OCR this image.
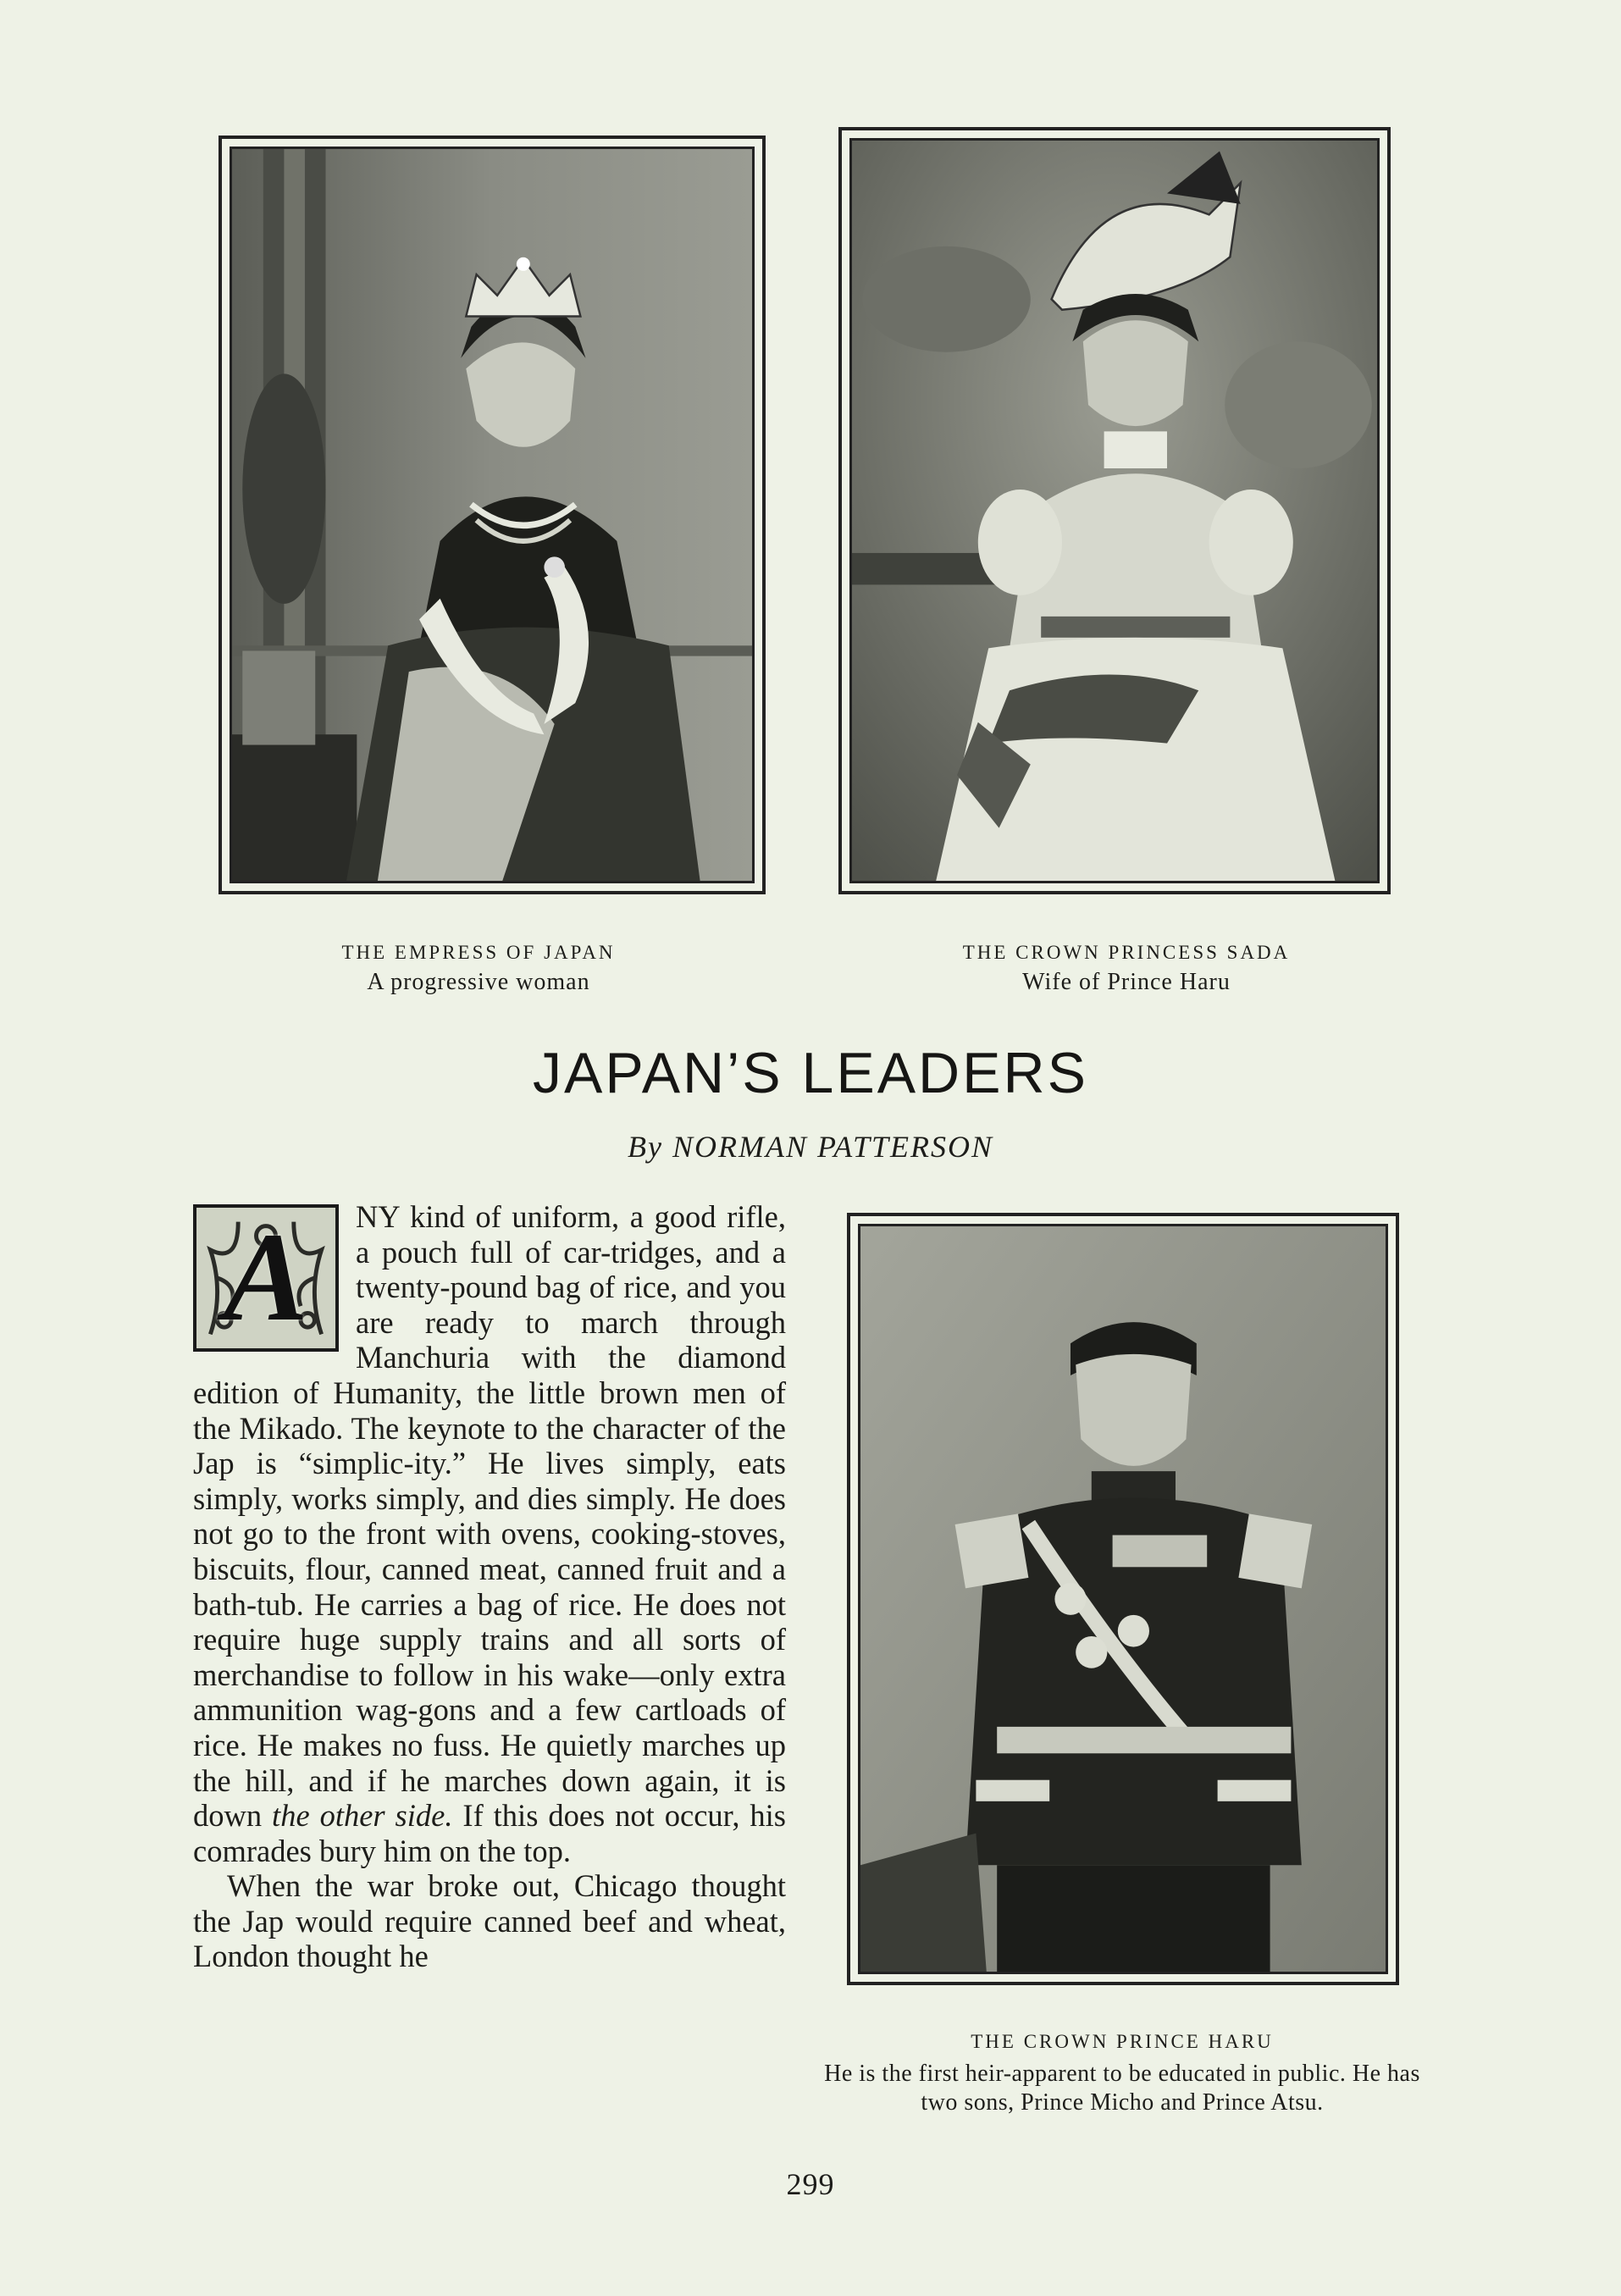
THE EMPRESS OF JAPAN
A progressive woman
THE CROWN PRINCESS SADA
Wife of Prince Haru
JAPAN’S LEADERS
By NORMAN PATTERSON

A	NY kind of uniform, a good rifle, a pouch full of car-tridges, and a twenty-pound bag of rice, and you are ready to march through Manchuria with the diamond edition of Humanity, the little brown men of the Mikado. The keynote to the character of the Jap is “simplic-ity.” He lives simply, eats simply, works simply, and dies simply. He does not go to the front with ovens, cooking-stoves, biscuits, flour, canned meat, canned fruit and a bath-tub. He carries a bag of rice. He does not require huge supply trains and all sorts of merchandise to follow in his wake—only extra ammunition wag-gons and a few cartloads of rice. He makes no fuss. He quietly marches up the hill, and if he marches down again, it is down the other side. If this does not occur, his comrades bury him on the top.

When the war broke out, Chicago thought the Jap would require canned beef and wheat, London thought he

THE CROWN PRINCE HARU
He is the first heir-apparent to be educated in public. He has two sons, Prince Micho and Prince Atsu.
299
